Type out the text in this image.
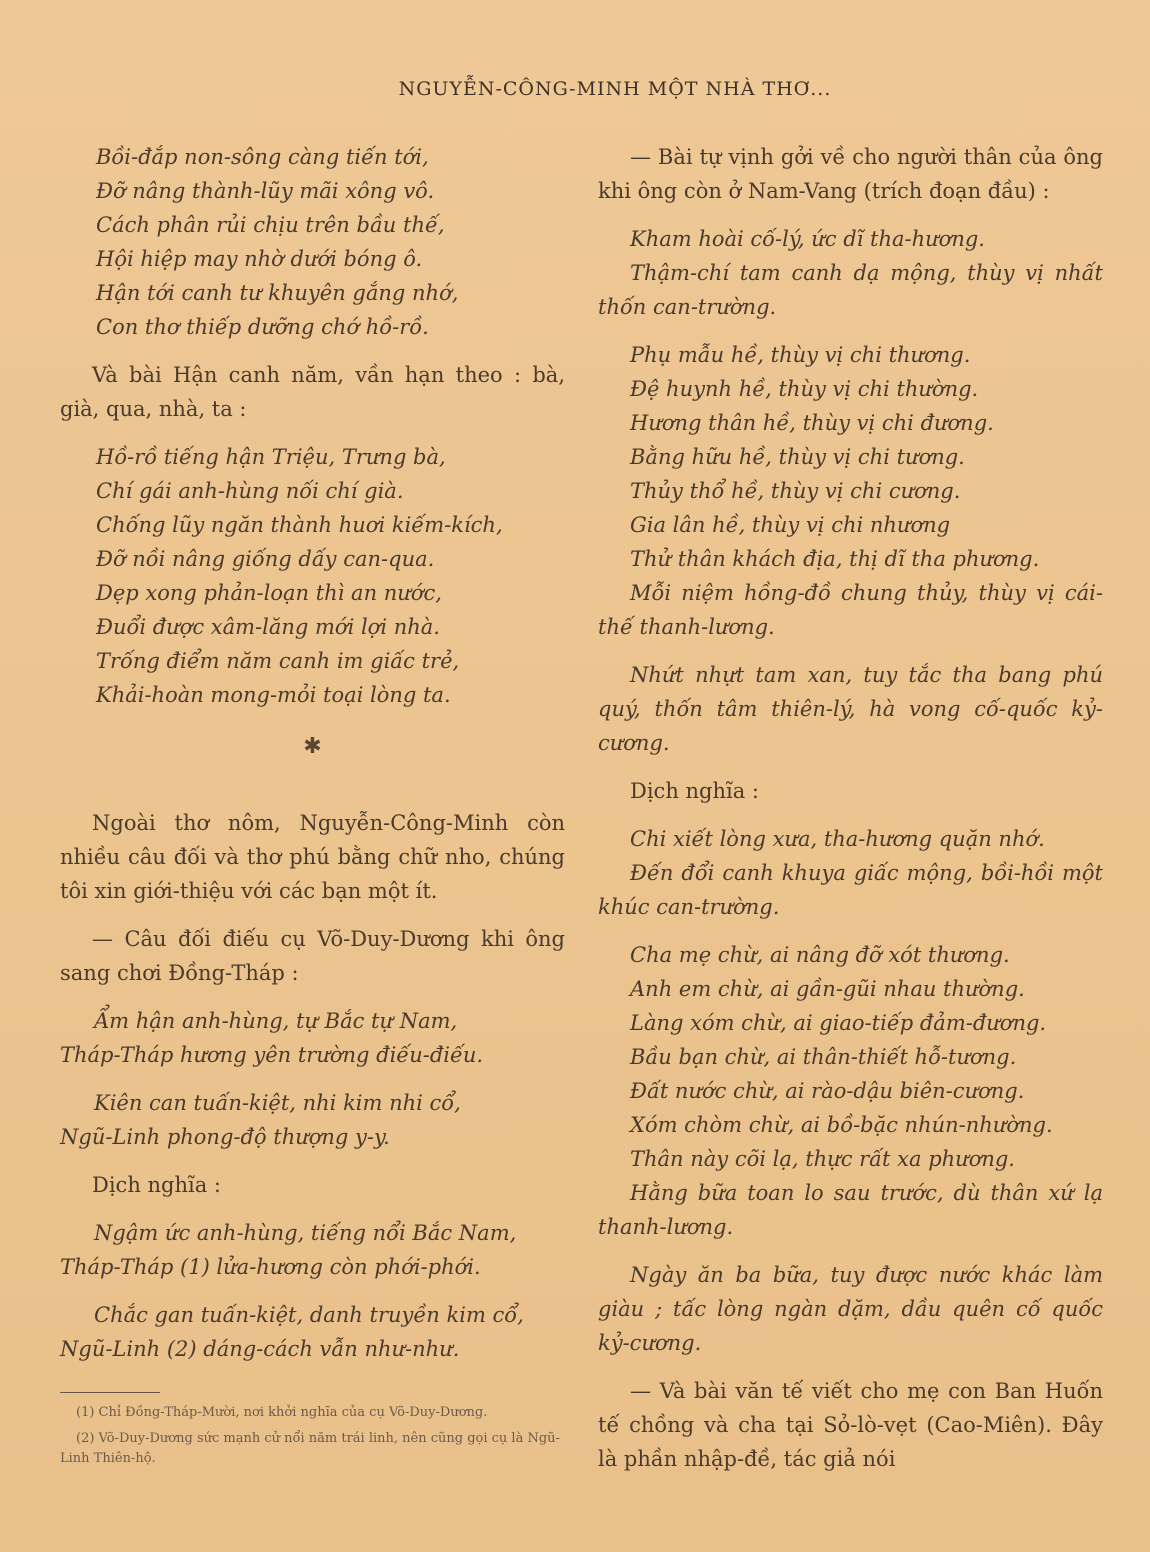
NGUYỄN-CÔNG-MINH MỘT NHÀ THƠ...
Bồi-đắp non-sông càng tiến tới,
Đỡ nâng thành-lũy mãi xông vô.
Cách phân rủi chịu trên bầu thế,
Hội hiệp may nhờ dưới bóng ô.
Hận tới canh tư khuyên gắng nhớ,
Con thơ thiếp dưỡng chớ hồ-rồ.

Và bài Hận canh năm, vần hạn theo : bà, già, qua, nhà, ta :

Hồ-rồ tiếng hận Triệu, Trưng bà,
Chí gái anh-hùng nối chí già.
Chống lũy ngăn thành huơi kiếm-kích,
Đỡ nồi nâng giống dấy can-qua.
Dẹp xong phản-loạn thì an nước,
Đuổi được xâm-lăng mới lợi nhà.
Trống điểm năm canh im giấc trẻ,
Khải-hoàn mong-mỏi toại lòng ta.
✱

Ngoài thơ nôm, Nguyễn-Công-Minh còn nhiều câu đối và thơ phú bằng chữ nho, chúng tôi xin giới-thiệu với các bạn một ít.

— Câu đối điếu cụ Võ-Duy-Dương khi ông sang chơi Đồng-Tháp :

Ẩm hận anh-hùng, tự Bắc tự Nam,
Tháp-Tháp hương yên trường điếu-điếu.
Kiên can tuấn-kiệt, nhi kim nhi cổ,
Ngũ-Linh phong-độ thượng y-y.

Dịch nghĩa :

Ngậm ức anh-hùng, tiếng nổi Bắc Nam,
Tháp-Tháp (1) lửa-hương còn phới-phới.
Chắc gan tuấn-kiệt, danh truyền kim cổ,
Ngũ-Linh (2) dáng-cách vẫn như-như.

(1) Chỉ Đồng-Tháp-Mười, nơi khởi nghĩa của cụ Võ-Duy-Dương.

(2) Võ-Duy-Dương sức mạnh cử nổi năm trái linh, nên cũng gọi cụ là Ngũ-Linh Thiên-hộ.

— Bài tự vịnh gởi về cho người thân của ông khi ông còn ở Nam-Vang (trích đoạn đầu) :

Kham hoài cố-lý, ức dĩ tha-hương.
Thậm-chí tam canh dạ mộng, thùy vị nhất thốn can-trường.

Phụ mẫu hề, thùy vị chi thương.
Đệ huynh hề, thùy vị chi thường.
Hương thân hề, thùy vị chi đương.
Bằng hữu hề, thùy vị chi tương.
Thủy thổ hề, thùy vị chi cương.
Gia lân hề, thùy vị chi nhương
Thử thân khách địa, thị dĩ tha phương.

Mỗi niệm hồng-đồ chung thủy, thùy vị cái-thế thanh-lương.

Nhứt nhựt tam xan, tuy tắc tha bang phú quý, thốn tâm thiên-lý, hà vong cố-quốc kỷ-cương.

Dịch nghĩa :

Chi xiết lòng xưa, tha-hương quặn nhớ.
Đến đổi canh khuya giấc mộng, bồi-hồi một khúc can-trường.

Cha mẹ chừ, ai nâng đỡ xót thương.
Anh em chừ, ai gần-gũi nhau thường.
Làng xóm chừ, ai giao-tiếp đảm-đương.
Bầu bạn chừ, ai thân-thiết hỗ-tương.
Đất nước chừ, ai rào-dậu biên-cương.
Xóm chòm chừ, ai bồ-bặc nhún-nhường.
Thân này cõi lạ, thực rất xa phương.

Hằng bữa toan lo sau trước, dù thân xứ lạ thanh-lương.

Ngày ăn ba bữa, tuy được nước khác làm giàu ; tấc lòng ngàn dặm, dầu quên cố quốc kỷ-cương.

— Và bài văn tế viết cho mẹ con Ban Huốn tế chồng và cha tại Sỏ-lò-vẹt (Cao-Miên). Đây là phần nhập-đề, tác giả nói
